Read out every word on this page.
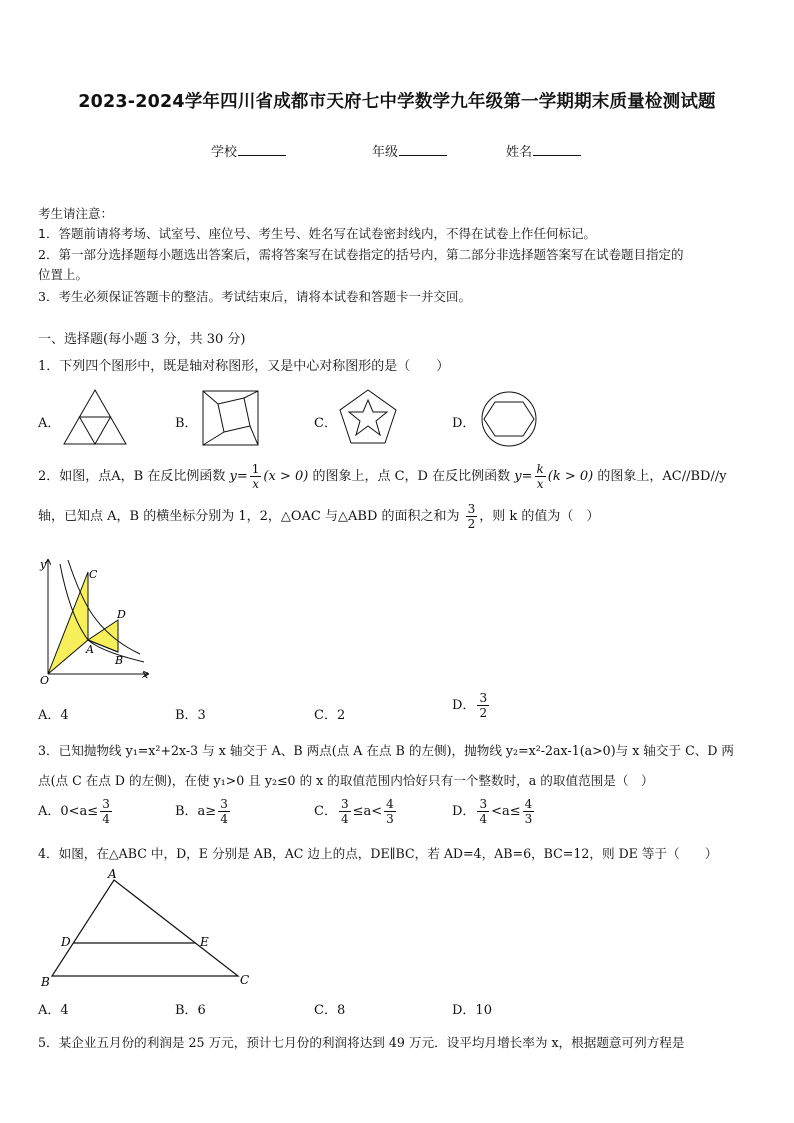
2023-2024学年四川省成都市天府七中学数学九年级第一学期期末质量检测试题
学校	年级	姓名
考生请注意：
1．答题前请将考场、试室号、座位号、考生号、姓名写在试卷密封线内，不得在试卷上作任何标记。
2．第一部分选择题每小题选出答案后，需将答案写在试卷指定的括号内，第二部分非选择题答案写在试卷题目指定的
位置上。
3．考生必须保证答题卡的整洁。考试结束后，请将本试卷和答题卡一并交回。
一、选择题(每小题 3 分，共 30 分)
1．下列四个图形中，既是轴对称图形，又是中心对称图形的是（　　）
A．	B．	C．	D．
2．如图，点A，B 在反比例函数 $y= \frac{1}{x} (x > 0)$ 的图象上，点 C，D 在反比例函数 $y= \frac{k}{x} (k > 0)$ 的图象上，AC//BD//y
轴，已知点 A，B 的横坐标分别为 1，2，△OAC 与△ABD 的面积之和为 $\frac{3}{2}$ ，则 k 的值为（　）
y
x
O
C
D
A
B
A．4	B．3	C．2
D． $\frac{3}{2}$
3．已知抛物线 y₁=x²+2x-3 与 x 轴交于 A、B 两点(点 A 在点 B 的左侧)，抛物线 y₂=x²-2ax-1(a>0)与 x 轴交于 C、D 两
点(点 C 在点 D 的左侧)，在使 y₁>0 且 y₂≤0 的 x 的取值范围内恰好只有一个整数时，a 的取值范围是（　）
A．$0<a\le \frac{3}{4}$	B．$a\ge \frac{3}{4}$	C． $\frac{3}{4} \le a< \frac{4}{3}$	D． $\frac{3}{4} <a\le \frac{4}{3}$
4．如图，在△ABC 中，D，E 分别是 AB，AC 边上的点，DE∥BC，若 AD=4，AB=6，BC=12，则 DE 等于（　　）
A
D	E
B	C
A．4	B．6	C．8	D．10
5．某企业五月份的利润是 25 万元，预计七月份的利润将达到 49 万元．设平均月增长率为 x，根据题意可列方程是
